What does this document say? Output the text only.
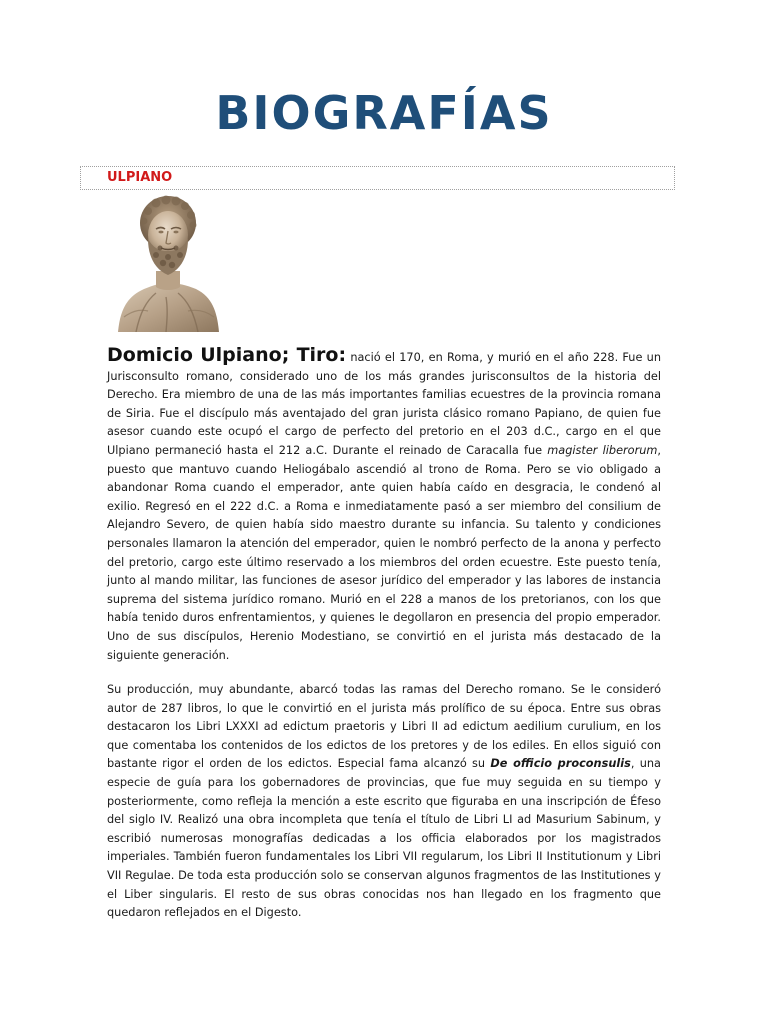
BIOGRAFÍAS
ULPIANO

Domicio Ulpiano; Tiro: nació el 170, en Roma, y murió en el año 228. Fue un Jurisconsulto romano, considerado uno de los más grandes jurisconsultos de la historia del Derecho. Era miembro de una de las más importantes familias ecuestres de la provincia romana de Siria. Fue el discípulo más aventajado del gran jurista clásico romano Papiano, de quien fue asesor cuando este ocupó el cargo de perfecto del pretorio en el 203 d.C., cargo en el que Ulpiano permaneció hasta el 212 a.C. Durante el reinado de Caracalla fue magister liberorum, puesto que mantuvo cuando Heliogábalo ascendió al trono de Roma. Pero se vio obligado a abandonar Roma cuando el emperador, ante quien había caído en desgracia, le condenó al exilio. Regresó en el 222 d.C. a Roma e inmediatamente pasó a ser miembro del consilium de Alejandro Severo, de quien había sido maestro durante su infancia. Su talento y condiciones personales llamaron la atención del emperador, quien le nombró perfecto de la anona y perfecto del pretorio, cargo este último reservado a los miembros del orden ecuestre. Este puesto tenía, junto al mando militar, las funciones de asesor jurídico del emperador y las labores de instancia suprema del sistema jurídico romano. Murió en el 228 a manos de los pretorianos, con los que había tenido duros enfrentamientos, y quienes le degollaron en presencia del propio emperador. Uno de sus discípulos, Herenio Modestiano, se convirtió en el jurista más destacado de la siguiente generación.

Su producción, muy abundante, abarcó todas las ramas del Derecho romano. Se le consideró autor de 287 libros, lo que le convirtió en el jurista más prolífico de su época. Entre sus obras destacaron los Libri LXXXI ad edictum praetoris y Libri II ad edictum aedilium curulium, en los que comentaba los contenidos de los edictos de los pretores y de los ediles. En ellos siguió con bastante rigor el orden de los edictos. Especial fama alcanzó su De officio proconsulis, una especie de guía para los gobernadores de provincias, que fue muy seguida en su tiempo y posteriormente, como refleja la mención a este escrito que figuraba en una inscripción de Éfeso del siglo IV. Realizó una obra incompleta que tenía el título de Libri LI ad Masurium Sabinum, y escribió numerosas monografías dedicadas a los officia elaborados por los magistrados imperiales. También fueron fundamentales los Libri VII regularum, los Libri II Institutionum y Libri VII Regulae. De toda esta producción solo se conservan algunos fragmentos de las Institutiones y el Liber singularis. El resto de sus obras conocidas nos han llegado en los fragmento que quedaron reflejados en el Digesto.
